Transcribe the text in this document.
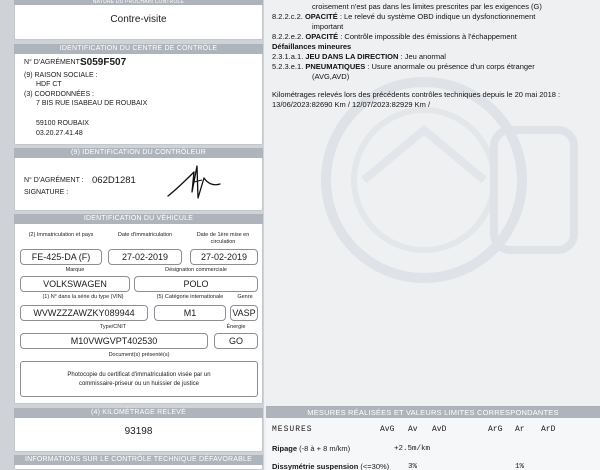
NATURE DU PROCHAIN CONTRÔLE
Contre-visite
IDENTIFICATION DU CENTRE DE CONTRÔLE
N° D'AGRÉMENT :
S059F507
(9) RAISON SOCIALE :
HDF CT
(3) COORDONNÉES :
7 BIS RUE ISABEAU DE ROUBAIX
59100 ROUBAIX
03.20.27.41.48
(9) IDENTIFICATION DU CONTRÔLEUR
N° D'AGRÉMENT : 062D1281
SIGNATURE :
IDENTIFICATION DU VÉHICULE
(2) Immatriculation et pays	Date d'immatriculation	Date de 1ère mise en circulation
FE-425-DA (F)	27-02-2019	27-02-2019
Marque	Désignation commerciale
VOLKSWAGEN	POLO
(1) N° dans la série du type (VIN)	(5) Catégorie internationale	Genre
WVWZZZAWZKY089944	M1	VASP
Type/CNIT	Énergie
M10VWGVPT402530	GO
Document(s) présenté(s)
Photocopie du certificat d'immatriculation visée par un
commissaire-priseur ou un huissier de justice
(4) KILOMÉTRAGE RELEVÉ
93198
INFORMATIONS SUR LE CONTRÔLE TECHNIQUE DÉFAVORABLE
croisement n'est pas dans les limites prescrites par les exigences (G)
8.2.2.c.2. OPACITÉ : Le relevé du système OBD indique un dysfonctionnement
important
8.2.2.e.2. OPACITÉ : Contrôle impossible des émissions à l'échappement
Défaillances mineures
2.3.1.a.1. JEU DANS LA DIRECTION : Jeu anormal
5.2.3.e.1. PNEUMATIQUES : Usure anormale ou présence d'un corps étranger
(AVG,AVD)
Kilométrages relevés lors des précédents contrôles techniques depuis le 20 mai 2018 :
13/06/2023:82690 Km / 12/07/2023:82929 Km /
MESURES RÉALISÉES ET VALEURS LIMITES CORRESPONDANTES
MESURES	AvG Av AvD	ArG Ar ArD
Ripage (-8 à + 8 m/km)	+2.5m/km
Dissymétrie suspension (<=30%)	3%	1%
